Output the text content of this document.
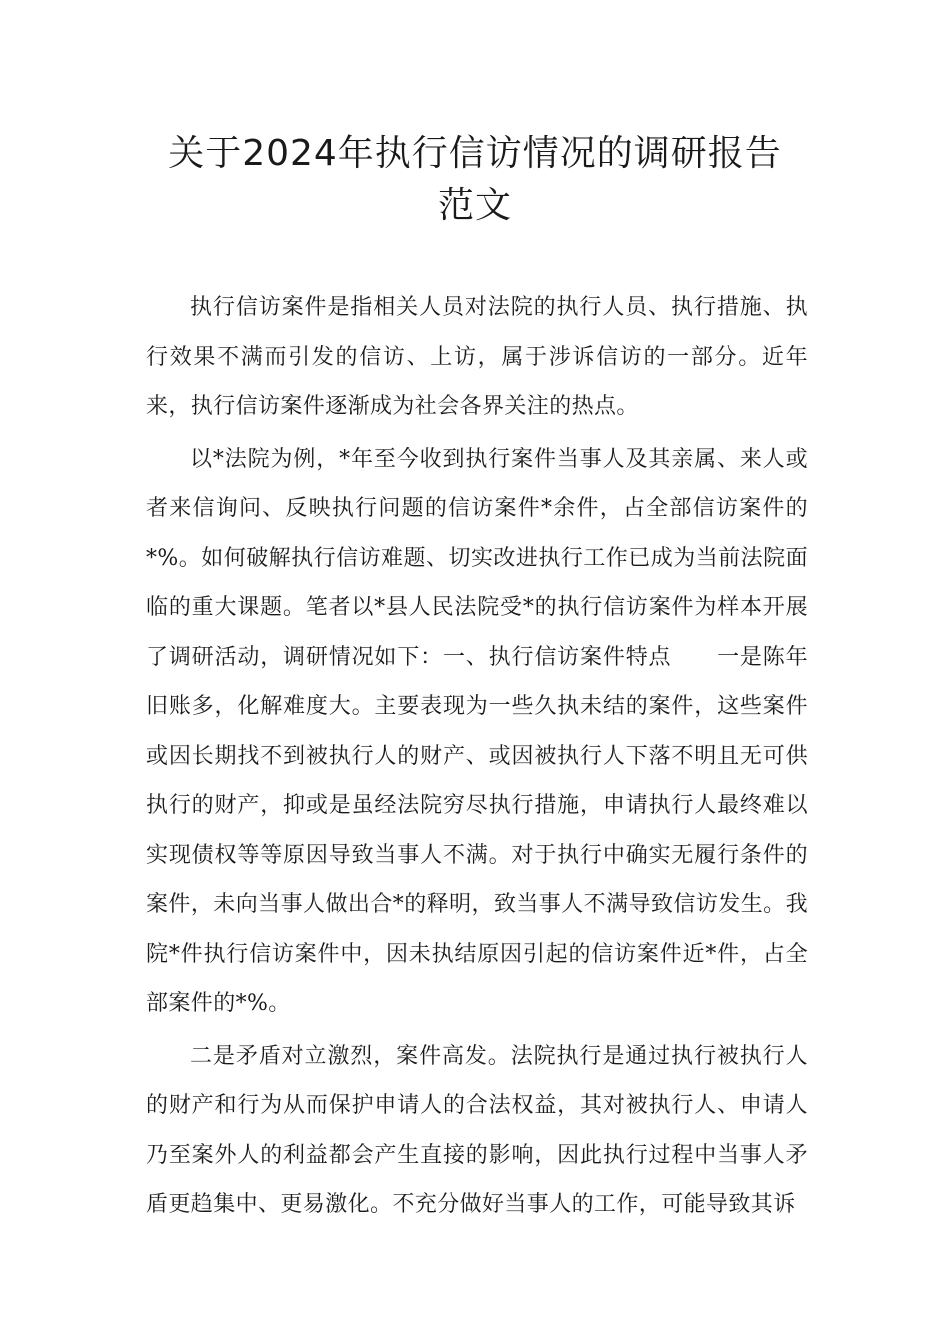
关于2024年执行信访情况的调研报告
范文

执行信访案件是指相关人员对法院的执行人员、执行措施、执行效果不满而引发的信访、上访，属于涉诉信访的一部分。近年来，执行信访案件逐渐成为社会各界关注的热点。

以*法院为例，*年至今收到执行案件当事人及其亲属、来人或者来信询问、反映执行问题的信访案件*余件，占全部信访案件的*%。如何破解执行信访难题、切实改进执行工作已成为当前法院面临的重大课题。笔者以*县人民法院受*的执行信访案件为样本开展了调研活动，调研情况如下：一、执行信访案件特点　　一是陈年旧账多，化解难度大。主要表现为一些久执未结的案件，这些案件或因长期找不到被执行人的财产、或因被执行人下落不明且无可供执行的财产，抑或是虽经法院穷尽执行措施，申请执行人最终难以实现债权等等原因导致当事人不满。对于执行中确实无履行条件的案件，未向当事人做出合*的释明，致当事人不满导致信访发生。我院*件执行信访案件中，因未执结原因引起的信访案件近*件，占全部案件的*%。

二是矛盾对立激烈，案件高发。法院执行是通过执行被执行人的财产和行为从而保护申请人的合法权益，其对被执行人、申请人乃至案外人的利益都会产生直接的影响，因此执行过程中当事人矛盾更趋集中、更易激化。不充分做好当事人的工作，可能导致其诉
